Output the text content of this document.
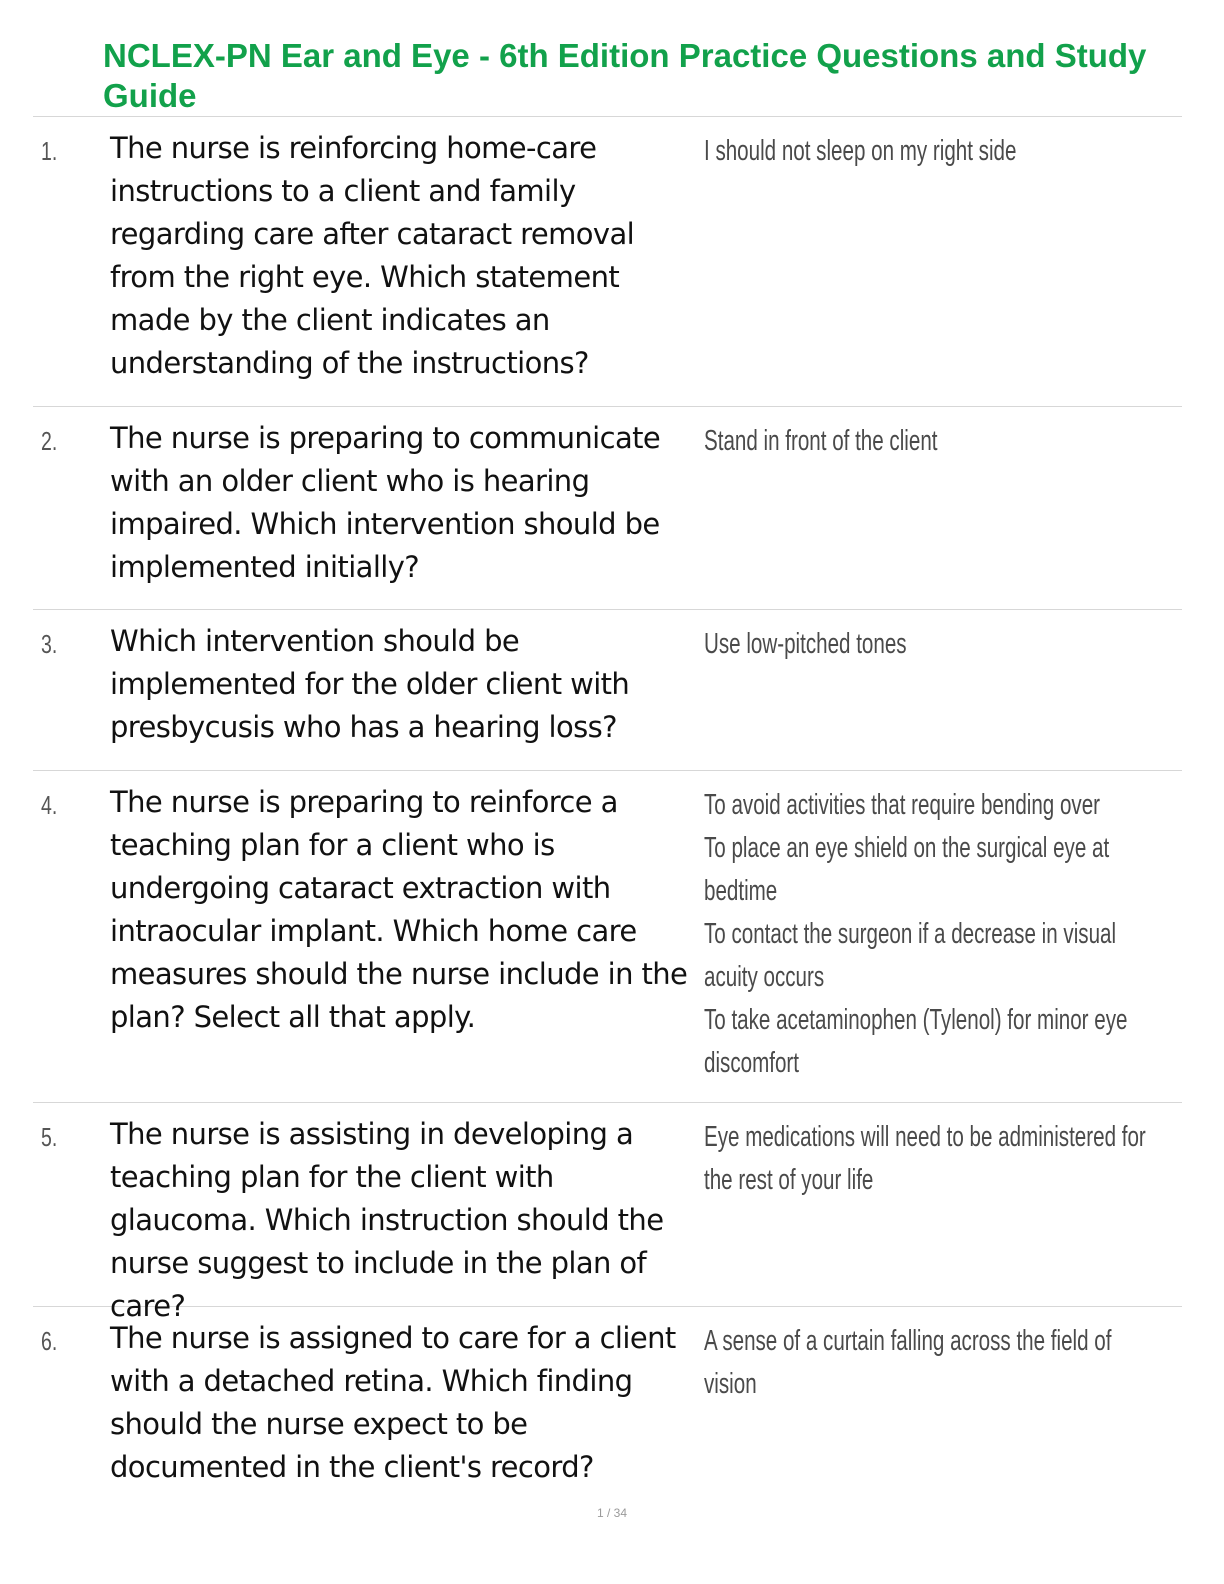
NCLEX-PN Ear and Eye - 6th Edition Practice Questions and Study Guide
1. The nurse is reinforcing home-care instructions to a client and family regarding care after cataract removal from the right eye. Which statement made by the client indicates an understanding of the instructions?

I should not sleep on my right side
2. The nurse is preparing to communicate with an older client who is hearing impaired. Which intervention should be implemented initially?

Stand in front of the client
3. Which intervention should be implemented for the older client with presbycusis who has a hearing loss?

Use low-pitched tones
4. The nurse is preparing to reinforce a teaching plan for a client who is undergoing cataract extraction with intraocular implant. Which home care measures should the nurse include in the plan? Select all that apply.

To avoid activities that require bending over
To place an eye shield on the surgical eye at bedtime
To contact the surgeon if a decrease in visual acuity occurs
To take acetaminophen (Tylenol) for minor eye discomfort
5. The nurse is assisting in developing a teaching plan for the client with glaucoma. Which instruction should the nurse suggest to include in the plan of care?

Eye medications will need to be administered for the rest of your life
6. The nurse is assigned to care for a client with a detached retina. Which finding should the nurse expect to be documented in the client's record?

A sense of a curtain falling across the field of vision
1 / 34
